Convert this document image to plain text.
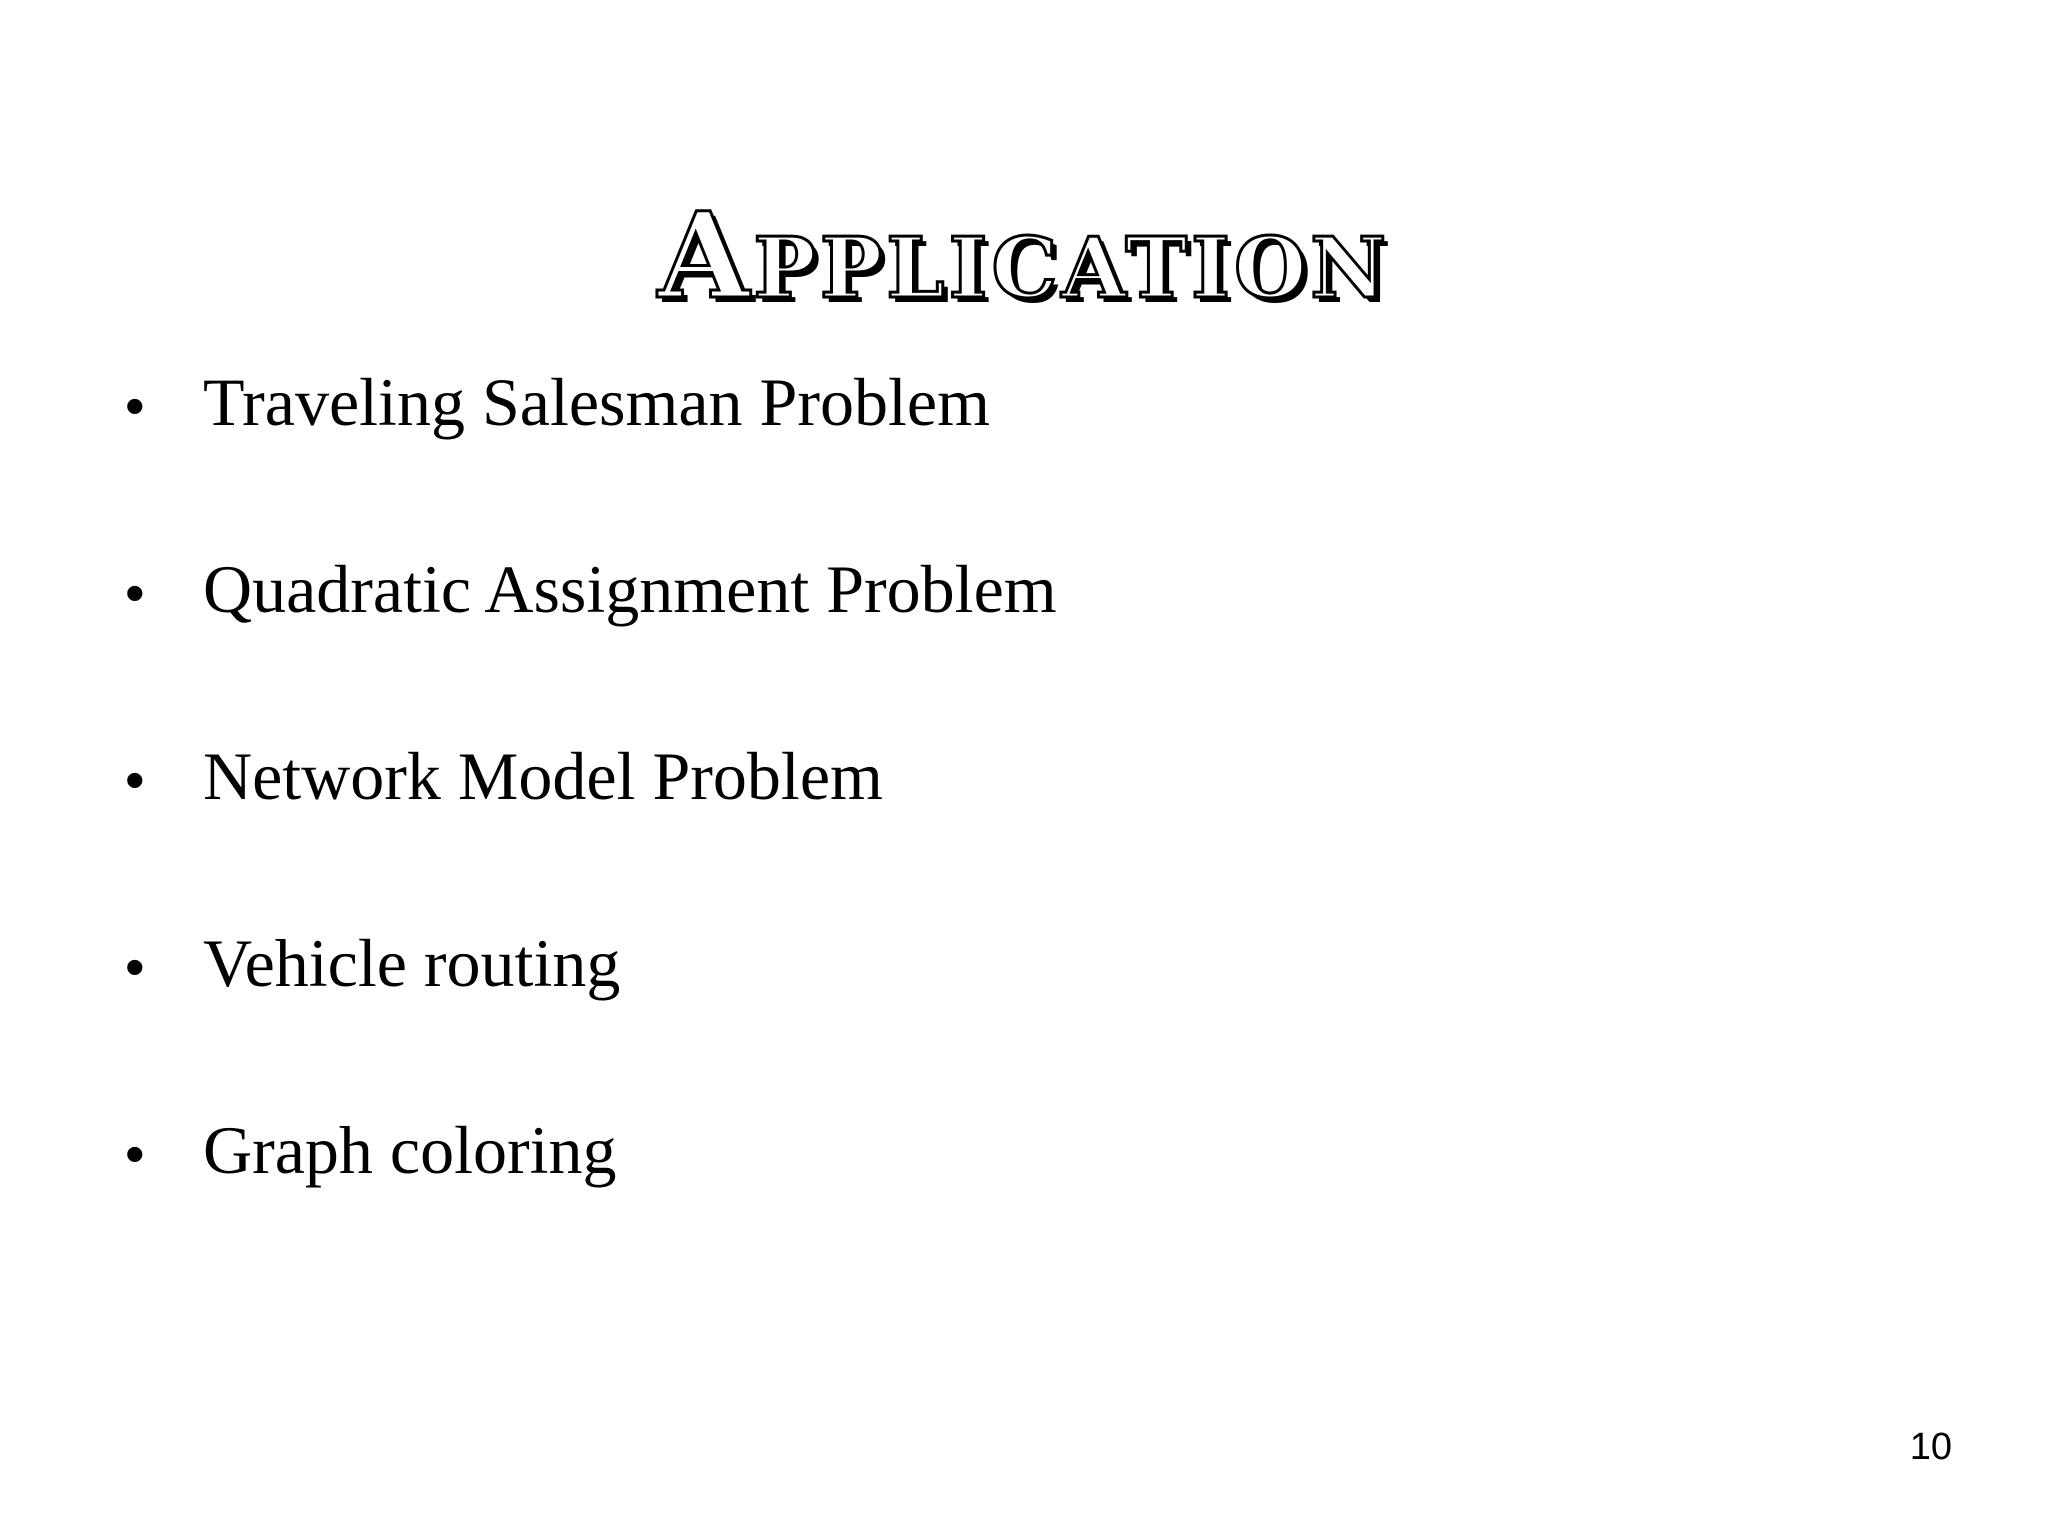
Application
• Traveling Salesman Problem
• Quadratic Assignment Problem
• Network Model Problem
• Vehicle routing
• Graph coloring
10
